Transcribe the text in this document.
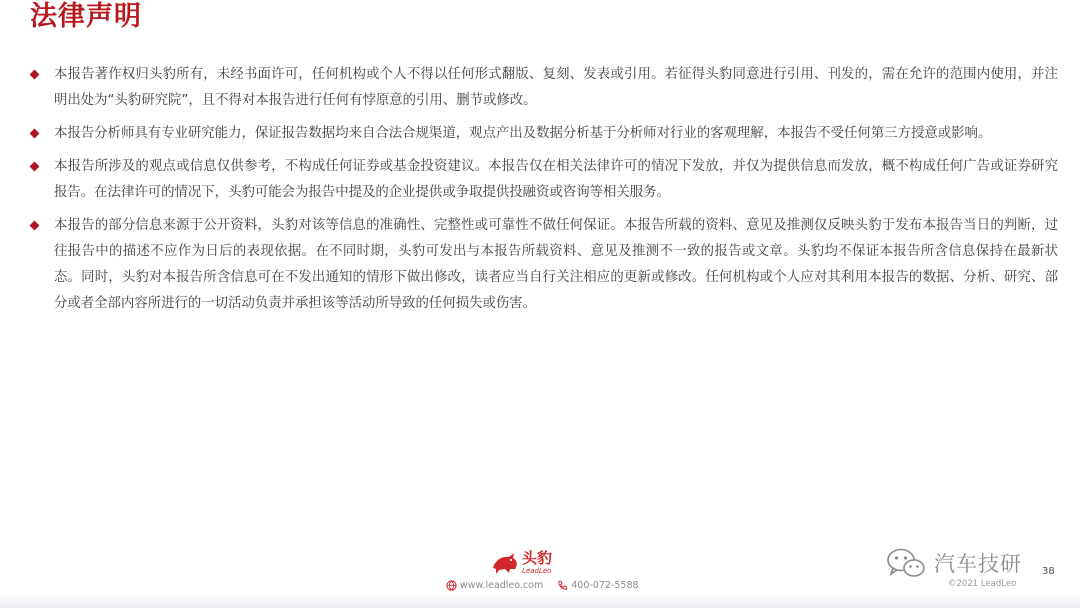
法律声明
本报告著作权归头豹所有，未经书面许可，任何机构或个人不得以任何形式翻版、复刻、发表或引用。若征得头豹同意进行引用、刊发的，需在允许的范围内使用，并注明出处为“头豹研究院”，且不得对本报告进行任何有悖原意的引用、删节或修改。
本报告分析师具有专业研究能力，保证报告数据均来自合法合规渠道，观点产出及数据分析基于分析师对行业的客观理解，本报告不受任何第三方授意或影响。
本报告所涉及的观点或信息仅供参考，不构成任何证券或基金投资建议。本报告仅在相关法律许可的情况下发放，并仅为提供信息而发放，概不构成任何广告或证券研究报告。在法律许可的情况下，头豹可能会为报告中提及的企业提供或争取提供投融资或咨询等相关服务。
本报告的部分信息来源于公开资料，头豹对该等信息的准确性、完整性或可靠性不做任何保证。本报告所载的资料、意见及推测仅反映头豹于发布本报告当日的判断，过往报告中的描述不应作为日后的表现依据。在不同时期，头豹可发出与本报告所载资料、意见及推测不一致的报告或文章。头豹均不保证本报告所含信息保持在最新状态。同时，头豹对本报告所含信息可在不发出通知的情形下做出修改，读者应当自行关注相应的更新或修改。任何机构或个人应对其利用本报告的数据、分析、研究、部分或者全部内容所进行的一切活动负责并承担该等活动所导致的任何损失或伤害。
头豹
LeadLeo
www.leadleo.com	400-072-5588
汽车技研 38
©2021 LeadLeo
